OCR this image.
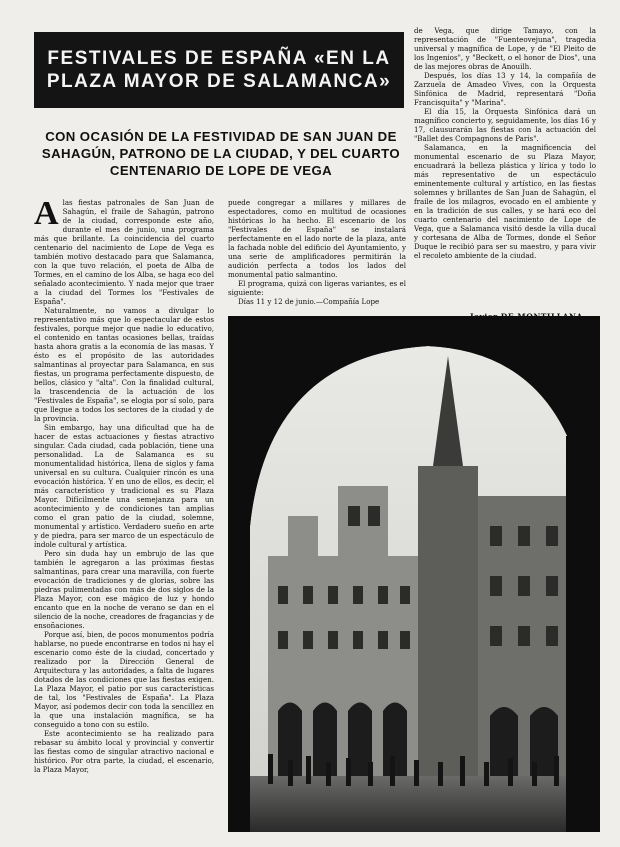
FESTIVALES DE ESPAÑA «EN LA PLAZA MAYOR DE SALAMANCA»
CON OCASIÓN DE LA FESTIVIDAD DE SAN JUAN DE SAHAGÚN, PATRONO DE LA CIUDAD, Y DEL CUARTO CENTENARIO DE LOPE DE VEGA

Alas fiestas patronales de San Juan de Sahagún, el fraile de Sahagún, patrono de la ciudad, corresponde este año, durante el mes de junio, una programa más que brillante. La coincidencia del cuarto centenario del nacimiento de Lope de Vega es también motivo destacado para que Salamanca, con la que tuvo relación, el poeta de Alba de Tormes, en el camino de los Alba, se haga eco del señalado acontecimiento. Y nada mejor que traer a la ciudad del Tormes los "Festivales de España".

Naturalmente, no vamos a divulgar lo representativo más que lo espectacular de estos festivales, porque mejor que nadie lo educativo, el contenido en tantas ocasiones bellas, traídas hasta ahora gratis a la economía de las masas. Y ésto es el propósito de las autoridades salmantinas al proyectar para Salamanca, en sus fiestas, un programa perfectamente dispuesto, de bellos, clásico y "alta". Con la finalidad cultural, la trascendencia de la actuación de los "Festivales de España", se elogia por sí solo, para que llegue a todos los sectores de la ciudad y de la provincia.

Sin embargo, hay una dificultad que ha de hacer de estas actuaciones y fiestas atractivo singular. Cada ciudad, cada población, tiene una personalidad. La de Salamanca es su monumentalidad histórica, llena de siglos y fama universal en su cultura. Cualquier rincón es una evocación histórica. Y en uno de ellos, es decir, el más característico y tradicional es su Plaza Mayor. Difícilmente una semejanza para un acontecimiento y de condiciones tan amplias como el gran patio de la ciudad, solemne, monumental y artístico. Verdadero sueño en arte y de piedra, para ser marco de un espectáculo de índole cultural y artística.

Pero sin duda hay un embrujo de las que también le agregaron a las próximas fiestas salmantinas, para crear una maravilla, con fuerte evocación de tradiciones y de glorias, sobre las piedras pulimentadas con más de dos siglos de la Plaza Mayor, con ese mágico de luz y hondo encanto que en la noche de verano se dan en el silencio de la noche, creadores de fragancias y de ensoñaciones.

Porque así, bien, de pocos monumentos podría hablarse, no puede encontrarse en todos ni hay el escenario como éste de la ciudad, concertado y realizado por la Dirección General de Arquitectura y las autoridades, a falta de lugares dotados de las condiciones que las fiestas exigen. La Plaza Mayor, el patio por sus características de tal, los "Festivales de España". La Plaza Mayor, así podemos decir con toda la sencillez en la que una instalación magnífica, se ha conseguido a tono con su estilo.

Este acontecimiento se ha realizado para rebasar su ámbito local y provincial y convertir las fiestas como de singular atractivo nacional e histórico. Por otra parte, la ciudad, el escenario, la Plaza Mayor,

puede congregar a millares y millares de espectadores, como en multitud de ocasiones históricas lo ha hecho. El escenario de los "Festivales de España" se instalará perfectamente en el lado norte de la plaza, ante la fachada noble del edificio del Ayuntamiento, y una serie de amplificadores permitirán la audición perfecta a todos los lados del monumental patio salmantino.

El programa, quizá con ligeras variantes, es el siguiente:

Días 11 y 12 de junio.—Compañía Lope

de Vega, que dirige Tamayo, con la representación de "Fuenteovejuna", tragedia universal y magnífica de Lope, y de "El Pleito de los Ingenios", y "Beckett, o el honor de Dios", una de las mejores obras de Anouilh.

Después, los días 13 y 14, la compañía de Zarzuela de Amadeo Vives, con la Orquesta Sinfónica de Madrid, representará "Doña Francisquita" y "Marina".

El día 15, la Orquesta Sinfónica dará un magnífico concierto y, seguidamente, los días 16 y 17, clausurarán las fiestas con la actuación del "Ballet des Compagnons de Paris".

Salamanca, en la magnificencia del monumental escenario de su Plaza Mayor, encuadrará la belleza plástica y lírica y todo lo más representativo de un espectáculo eminentemente cultural y artístico, en las fiestas solemnes y brillantes de San Juan de Sahagún, el fraile de los milagros, evocado en el ambiente y en la tradición de sus calles, y se hará eco del cuarto centenario del nacimiento de Lope de Vega, que a Salamanca visitó desde la villa ducal y cortesana de Alba de Tormes, donde el Señor Duque le recibió para ser su maestro, y para vivir el recoleto ambiente de la ciudad.
